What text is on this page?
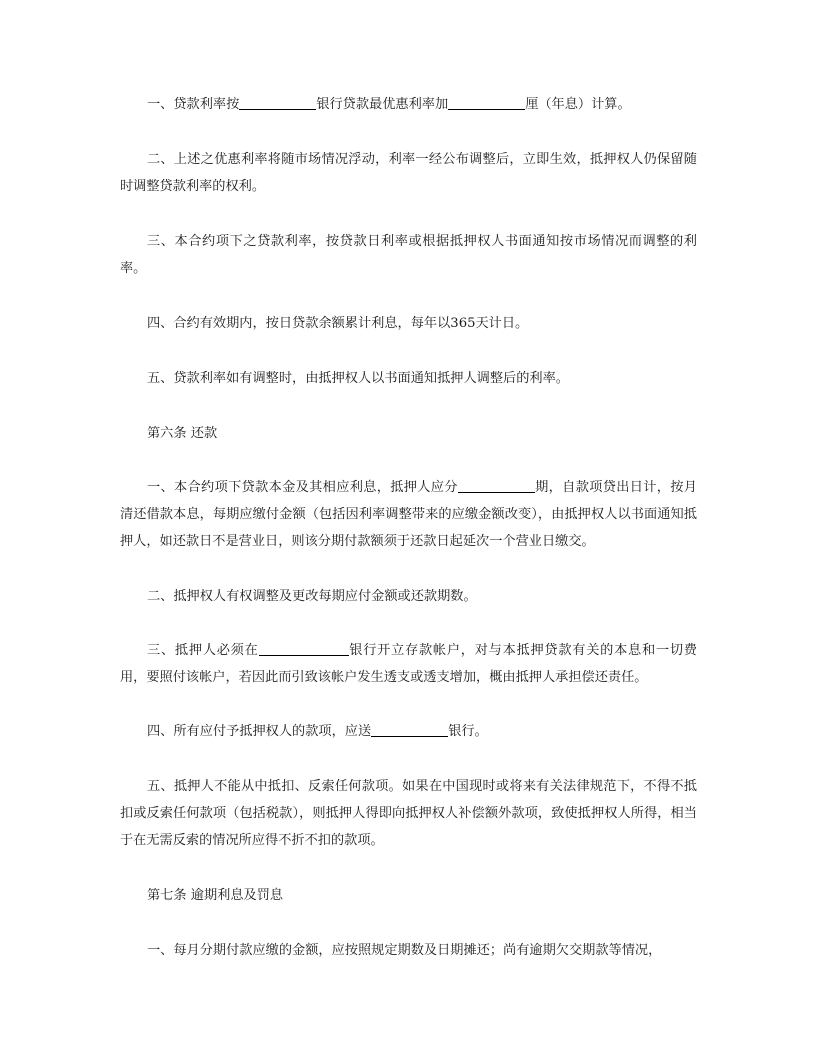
一、贷款利率按	银行贷款最优惠利率加	厘（年息）计算。

二、上述之优惠利率将随市场情况浮动，利率一经公布调整后，立即生效，抵押权人仍保留随时调整贷款利率的权利。

三、本合约项下之贷款利率，按贷款日利率或根据抵押权人书面通知按市场情况而调整的利率。

四、合约有效期内，按日贷款余额累计利息，每年以365天计日。

五、贷款利率如有调整时，由抵押权人以书面通知抵押人调整后的利率。

第六条 还款

一、本合约项下贷款本金及其相应利息，抵押人应分	期，自款项贷出日计，按月清还借款本息，每期应缴付金额（包括因利率调整带来的应缴金额改变），由抵押权人以书面通知抵押人，如还款日不是营业日，则该分期付款额须于还款日起延次一个营业日缴交。

二、抵押权人有权调整及更改每期应付金额或还款期数。

三、抵押人必须在	银行开立存款帐户，对与本抵押贷款有关的本息和一切费用，要照付该帐户，若因此而引致该帐户发生透支或透支增加，概由抵押人承担偿还责任。

四、所有应付予抵押权人的款项，应送	银行。

五、抵押人不能从中抵扣、反索任何款项。如果在中国现时或将来有关法律规范下，不得不抵扣或反索任何款项（包括税款），则抵押人得即向抵押权人补偿额外款项，致使抵押权人所得，相当于在无需反索的情况所应得不折不扣的款项。

第七条 逾期利息及罚息

一、每月分期付款应缴的金额，应按照规定期数及日期摊还；尚有逾期欠交期款等情况，
